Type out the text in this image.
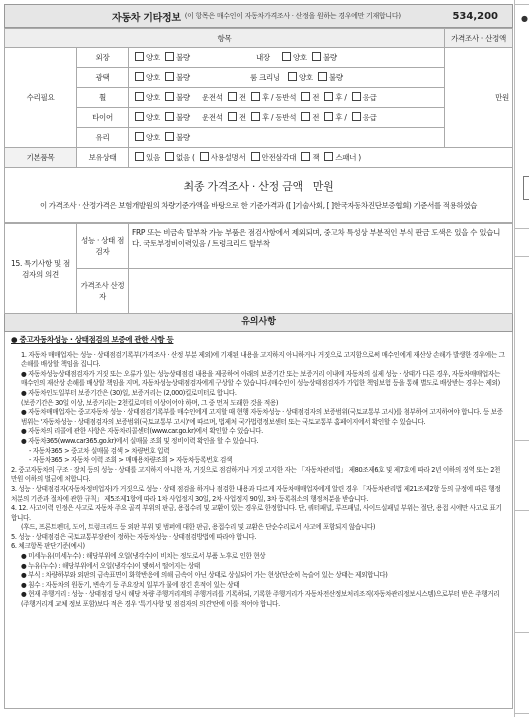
●
자동차 기타정보 (이 항목은 매수인이 자동차가격조사 · 산정을 원하는 경우에만 기재합니다)	534,200
항목			가격조사 · 산정액
수리필요	외장	양호 불량 내장 양호 불량	만원
	광택	양호 불량 룸 크리닝 양호 불량	
	휠	양호 불량 운전석 전 후 / 동반석 전 후 / 응급	
	타이어	양호 불량 운전석 전 후 / 동반석 전 후 / 응급	
	유리	양호 불량	
기본품목	보유상태	있음 없음 ( 사용설명서 안전삼각대 잭 스패너 )	
최종 가격조사 · 산정 금액 만원
이 가격조사 · 산정가격은 보험개발원의 차량기준가액을 바탕으로 한 기준가격과 ([ ]기술사회, [ ]한국자동차진단보증협회) 기준서를 적용하였습
15. 특기사항 및 점검자의 의견	성능 · 상태 점검자	FRP 또는 비금속 탈부착 가능 부품은 점검사항에서 제외되며, 중고차 특성상 부분적인 부식 판금 도색은 있을 수 있습니다. 국토부정비이력있음 / 트렁크리드 탈부착
	가격조사 산정자	
유의사항
● 중고자동차성능 · 상태점검의 보증에 관한 사항 등

1. 자동차 매매업자는 성능 · 상태점검기록부(가격조사 · 산정 부분 제외)에 기재된 내용을 고지하지 아니하거나 거짓으로 고지함으로써 매수인에게 재산상 손해가 발생한 경우에는 그 손해를 배상할 책임을 집니다.

● 자동차성능상태점검자가 거짓 또는 오류가 있는 성능상태점검 내용을 제공하여 아래의 보증기간 또는 보증거리 이내에 자동차의 실제 성능 · 상태가 다른 경우, 자동차매매업자는 매수인의 재산상 손해를 배상할 책임을 지며, 자동차성능상태점검자에게 구상할 수 있습니다.(매수인이 성능상태점검자가 가입한 책임보험 등을 통해 별도로 배상받는 경우는 제외)

● 자동차인도일부터 보증기간은 (30)일, 보증거리는 (2,000)킬로미터로 합니다.

(보증기간은 30일 이상, 보증거리는 2천킬로미터 이상이어야 하며, 그 중 먼저 도래한 것을 적용)

● 자동차매매업자는 중고자동차 성능 · 상태점검기록부를 매수인에게 고지할 때 현행 자동차성능 · 상태점검자의 보증범위(국토교통부 고시)를 첨부하여 고지하여야 합니다. 등 보증범위는 '자동차성능 · 상태점검자의 보증범위(국토교통부 고시)'에 따르며, 법제처 국가법령정보센터 또는 국토교통부 홈페이지에서 확인할 수 있습니다.

● 자동차의 리콜에 관한 사항은 자동차리콜센터(www.car.go.kr)에서 확인할 수 있습니다.

● 자동차365(www.car365.go.kr)에서 실매물 조회 및 정비이력 확인을 할 수 있습니다.

- 자동차365 > 중고차 실매물 검색 > 차량번호 입력

- 자동차365 > 자동차 이력 조회 > 매매용차량조회 > 자동차등록번호 검색

2. 중고자동차의 구조 · 장치 등의 성능 · 상태를 고지하지 아니한 자, 거짓으로 점검하거나 거짓 고지한 자는 「자동차관리법」 제80조제6호 및 제7호에 따라 2년 이하의 징역 또는 2천만원 이하의 벌금에 처합니다.

3. 성능 · 상태점검자(자동차정비업자)가 거짓으로 성능 · 상태 점검을 하거나 점검한 내용과 다르게 자동차매매업자에게 알린 경우 「자동차관리법 제21조제2항 등의 규정에 따른 행정처분의 기준과 절차에 관한 규칙」 제5조제1항에 따라 1차 사업정지 30일, 2차 사업정지 90일, 3차 등록취소의 행정처분을 받습니다.

4. 12. 사고이력 인정은 사고로 자동차 주요 골격 부위의 판금, 용접수리 및 교환이 있는 경우로 한정합니다. 단, 쿼터패널, 루프패널, 사이드실패널 부위는 절단, 용접 시에만 사고로 표기합니다.

(후드, 프론트펜더, 도어, 트렁크리드 등 외판 부위 및 범퍼에 대한 판금, 용접수리 및 교환은 단순수리로서 사고에 포함되지 않습니다)

5. 성능 · 상태점검은 국토교통부장관이 정하는 자동차성능 · 상태점검방법에 따라야 합니다.

6. 체크항목 판단기준(예시)

● 미세누유(미세누수) : 해당부위에 오일(냉각수)이 비치는 정도로서 부품 노후로 인한 현상

● 누유(누수) : 해당부위에서 오일(냉각수)이 맺혀서 떨어지는 상태

● 부식 : 차량하부와 외판의 금속표면이 화학반응에 의해 금속이 아닌 상태로 상실되어 가는 현상(단순히 녹슬어 있는 상태는 제외합니다)

● 침수 : 자동차의 원동기, 변속기 등 주요장치 일부가 물에 잠긴 흔적이 있는 상태

● 현재 주행거리 : 성능 · 상태점검 당시 해당 차량 주행거리계의 주행거리를 기록하되, 기록한 주행거리가 자동차전산정보처리조직(자동차관리정보시스템)으로부터 받은 주행거리(주행거리계 교체 정보 포함)보다 적은 경우 '특기사항 및 점검자의 의견'란에 이를 적어야 합니다.
